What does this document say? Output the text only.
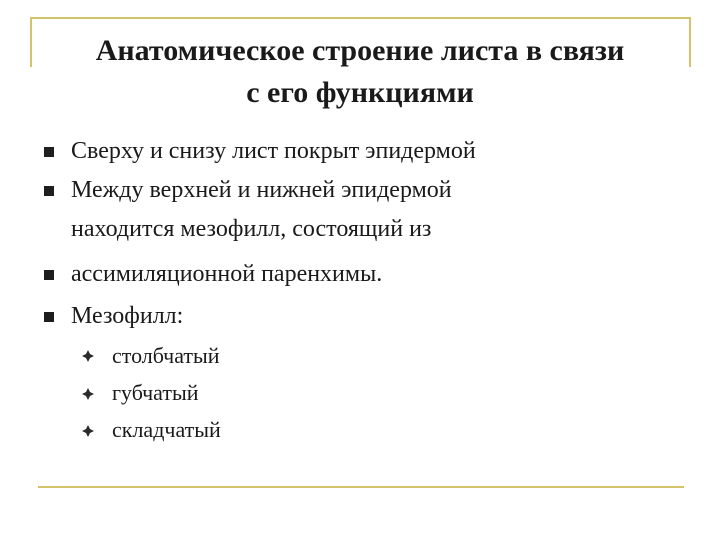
Анатомическое строение листа в связи
с его функциями
Сверху и снизу лист покрыт эпидермой
Между верхней и нижней эпидермой
находится мезофилл, состоящий из
ассимиляционной паренхимы.
Мезофилл:
столбчатый
губчатый
складчатый
